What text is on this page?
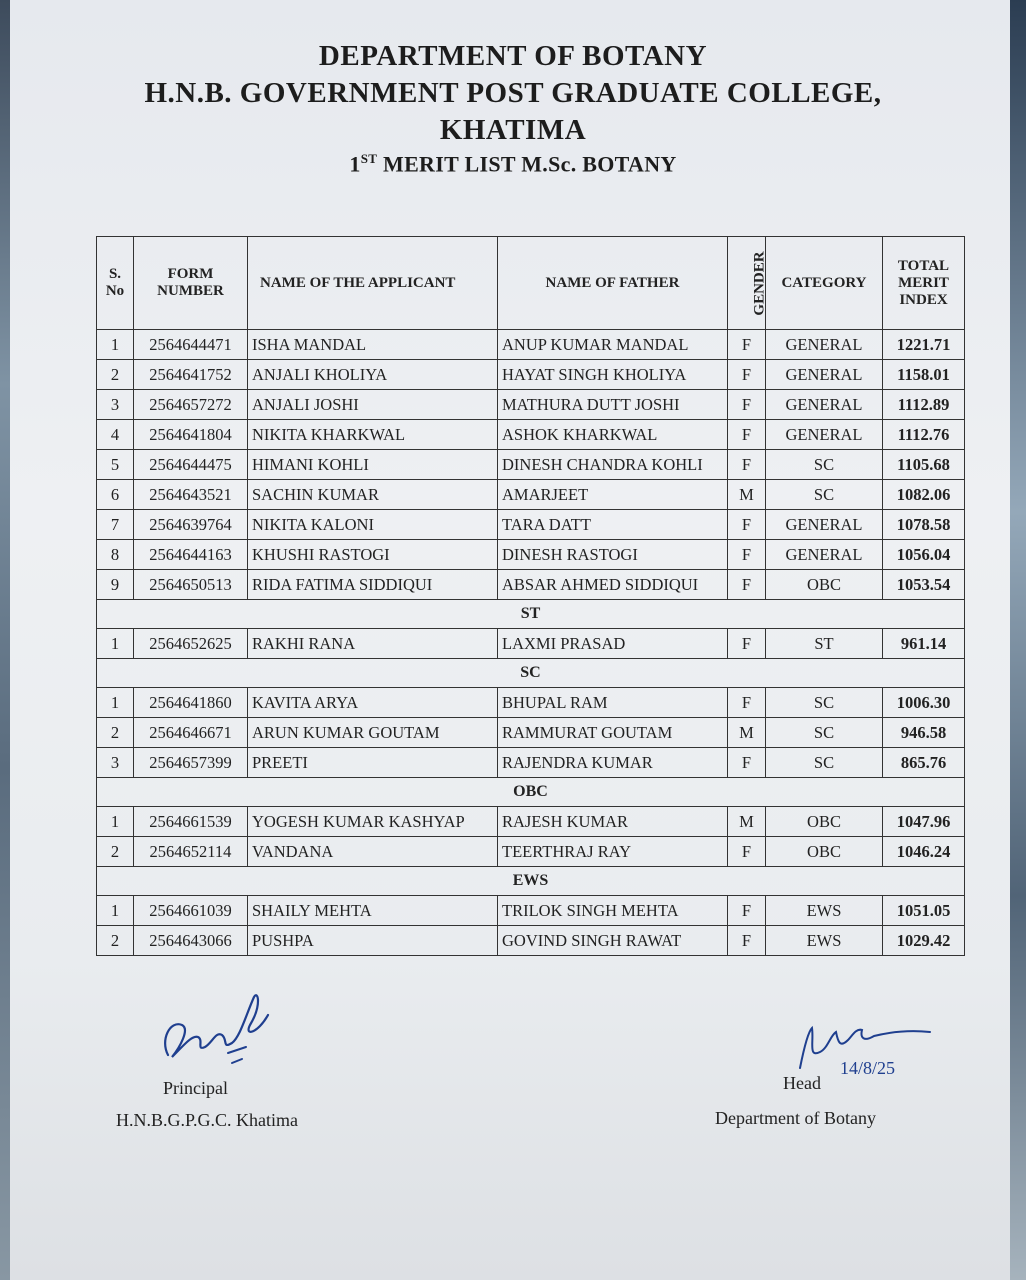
DEPARTMENT OF BOTANY
H.N.B. GOVERNMENT POST GRADUATE COLLEGE,
KHATIMA
1ST MERIT LIST M.Sc. BOTANY
S. No	FORM NUMBER	NAME OF THE APPLICANT	NAME OF FATHER	GENDER	CATEGORY	TOTAL MERIT INDEX
1	2564644471	ISHA MANDAL	ANUP KUMAR MANDAL	F	GENERAL	1221.71
2	2564641752	ANJALI KHOLIYA	HAYAT SINGH KHOLIYA	F	GENERAL	1158.01
3	2564657272	ANJALI JOSHI	MATHURA DUTT JOSHI	F	GENERAL	1112.89
4	2564641804	NIKITA KHARKWAL	ASHOK KHARKWAL	F	GENERAL	1112.76
5	2564644475	HIMANI KOHLI	DINESH CHANDRA KOHLI	F	SC	1105.68
6	2564643521	SACHIN KUMAR	AMARJEET	M	SC	1082.06
7	2564639764	NIKITA KALONI	TARA DATT	F	GENERAL	1078.58
8	2564644163	KHUSHI RASTOGI	DINESH RASTOGI	F	GENERAL	1056.04
9	2564650513	RIDA FATIMA SIDDIQUI	ABSAR AHMED SIDDIQUI	F	OBC	1053.54
ST						
1	2564652625	RAKHI RANA	LAXMI PRASAD	F	ST	961.14
SC						
1	2564641860	KAVITA ARYA	BHUPAL RAM	F	SC	1006.30
2	2564646671	ARUN KUMAR GOUTAM	RAMMURAT GOUTAM	M	SC	946.58
3	2564657399	PREETI	RAJENDRA KUMAR	F	SC	865.76
OBC						
1	2564661539	YOGESH KUMAR KASHYAP	RAJESH KUMAR	M	OBC	1047.96
2	2564652114	VANDANA	TEERTHRAJ RAY	F	OBC	1046.24
EWS						
1	2564661039	SHAILY MEHTA	TRILOK SINGH MEHTA	F	EWS	1051.05
2	2564643066	PUSHPA	GOVIND SINGH RAWAT	F	EWS	1029.42
14/8/25
Principal
H.N.B.G.P.G.C. Khatima
Head
Department of Botany
